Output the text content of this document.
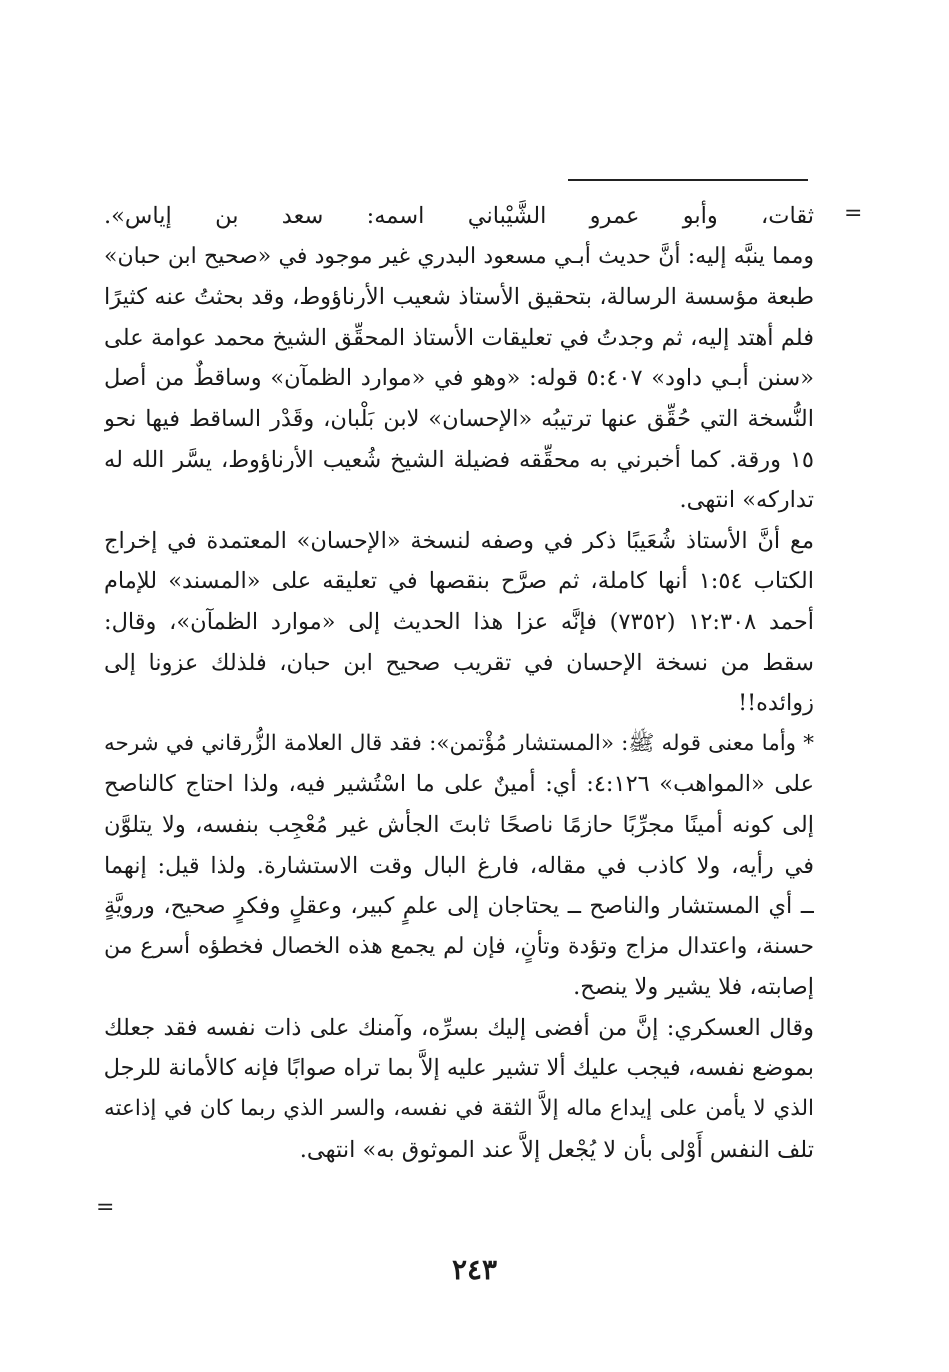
=
ثقات، وأبو عمرو الشَّيْباني اسمه: سعد بن إياس».
ومما ينبَّه إليه: أنَّ حديث أبـي مسعود البدري غير موجود في «صحيح ابن حبان»
طبعة مؤسسة الرسالة، بتحقيق الأستاذ شعيب الأرناؤوط، وقد بحثتُ عنه كثيرًا
فلم أهتد إليه، ثم وجدتُ في تعليقات الأستاذ المحقِّق الشيخ محمد عوامة على
«سنن أبـي داود» ٥:٤٠٧ قوله: «وهو في «موارد الظمآن» وساقطٌ من أصل
النُّسخة التي حُقِّق عنها ترتيبُه «الإحسان» لابن بَلْبان، وقَدْر الساقط فيها نحو
١٥ ورقة. كما أخبرني به محقِّقه فضيلة الشيخ شُعيب الأرناؤوط، يسَّر الله له
تداركه» انتهى.
مع أنَّ الأستاذ شُعَيبًا ذكر في وصفه لنسخة «الإحسان» المعتمدة في إخراج
الكتاب ١:٥٤ أنها كاملة، ثم صرَّح بنقصها في تعليقه على «المسند» للإمام
أحمد ١٢:٣٠٨ (٧٣٥٢) فإنَّه عزا هذا الحديث إلى «موارد الظمآن»، وقال:
سقط من نسخة الإحسان في تقريب صحيح ابن حبان، فلذلك عزونا إلى
زوائده!!
* وأما معنى قوله ﷺ: «المستشار مُؤْتمن»: فقد قال العلامة الزُّرقاني في شرحه
على «المواهب» ٤:١٢٦: أي: أمينٌ على ما اسْتُشير فيه، ولذا احتاج كالناصح
إلى كونه أمينًا مجرِّبًا حازمًا ناصحًا ثابتَ الجأش غير مُعْجِب بنفسه، ولا يتلوَّن
في رأيه، ولا كاذب في مقاله، فارغ البال وقت الاستشارة. ولذا قيل: إنهما
ــ أي المستشار والناصح ــ يحتاجان إلى علمٍ كبير، وعقلٍ وفكرٍ صحيح، ورويَّةٍ
حسنة، واعتدال مزاج وتؤدة وتأنٍ، فإن لم يجمع هذه الخصال فخطؤه أسرع من
إصابته، فلا يشير ولا ينصح.
وقال العسكري: إنَّ من أفضى إليك بسرِّه، وآمنك على ذات نفسه فقد جعلك
بموضع نفسه، فيجب عليك ألا تشير عليه إلاَّ بما تراه صوابًا فإنه كالأمانة للرجل
الذي لا يأمن على إيداع ماله إلاَّ الثقة في نفسه، والسر الذي ربما كان في إذاعته
تلف النفس أَوْلى بأن لا يُجْعل إلاَّ عند الموثوق به» انتهى.
=
٢٤٣
